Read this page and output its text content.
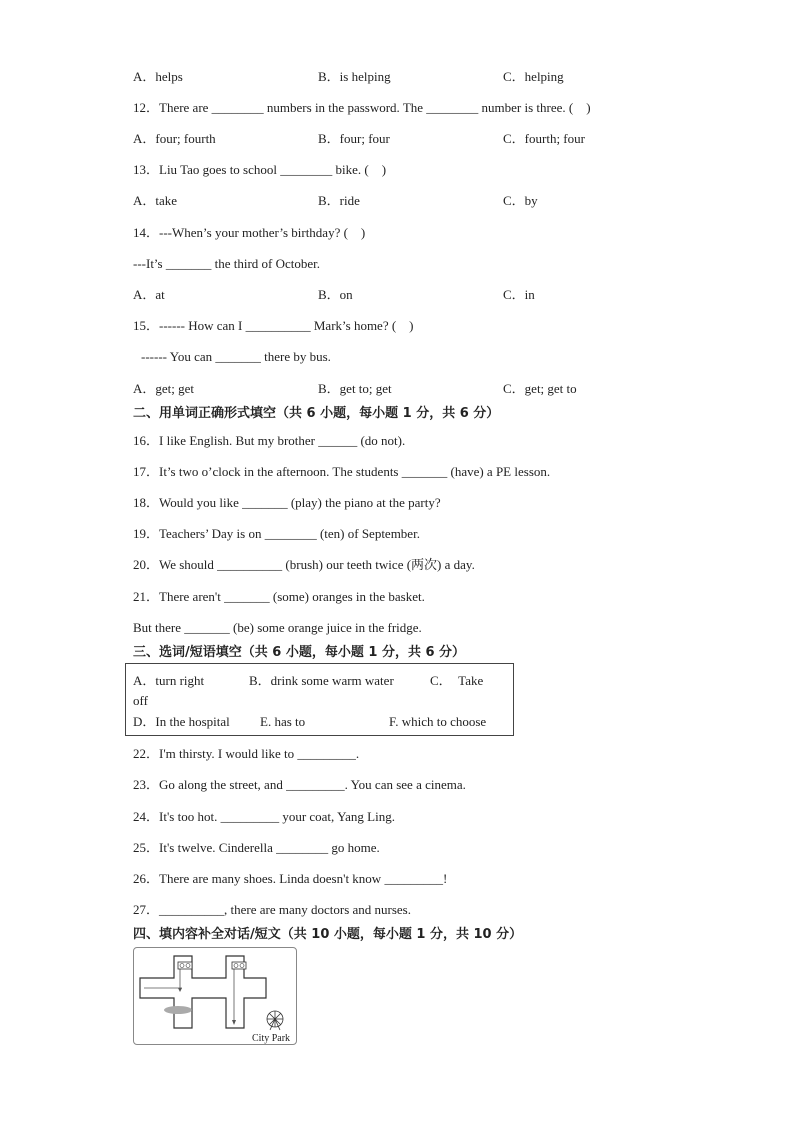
A．helps	B．is helping	C．helping
12．There are ________ numbers in the password. The ________ number is three. (　)
A．four; fourth	B．four; four	C．fourth; four
13．Liu Tao goes to school ________ bike. (　)
A．take	B．ride	C．by
14．---When’s your mother’s birthday? (　)
---It’s _______ the third of October.
A．at	B．on	C．in
15．------ How can I __________ Mark’s home? (　)
------ You can _______ there by bus.
A．get; get	B．get to; get	C．get; get to
二、用单词正确形式填空（共 6 小题，每小题 1 分，共 6 分）
16．I like English. But my brother ______ (do not).
17．It’s two o’clock in the afternoon. The students _______ (have) a PE lesson.
18．Would you like _______ (play) the piano at the party?
19．Teachers’ Day is on ________ (ten) of September.
20．We should __________ (brush) our teeth twice (两次) a day.
21．There aren't _______ (some) oranges in the basket.
But there _______ (be) some orange juice in the fridge.
三、选词/短语填空（共 6 小题，每小题 1 分，共 6 分）
A．turn right	B．drink some warm water	C．　Take
off
D．In the hospital E. has to	F. which to choose
22．I'm thirsty. I would like to _________.
23．Go along the street, and _________. You can see a cinema.
24．It's too hot. _________ your coat, Yang Ling.
25．It's twelve. Cinderella ________ go home.
26．There are many shoes. Linda doesn't know _________!
27．__________, there are many doctors and nurses.
四、填内容补全对话/短文（共 10 小题，每小题 1 分，共 10 分）
City Park
